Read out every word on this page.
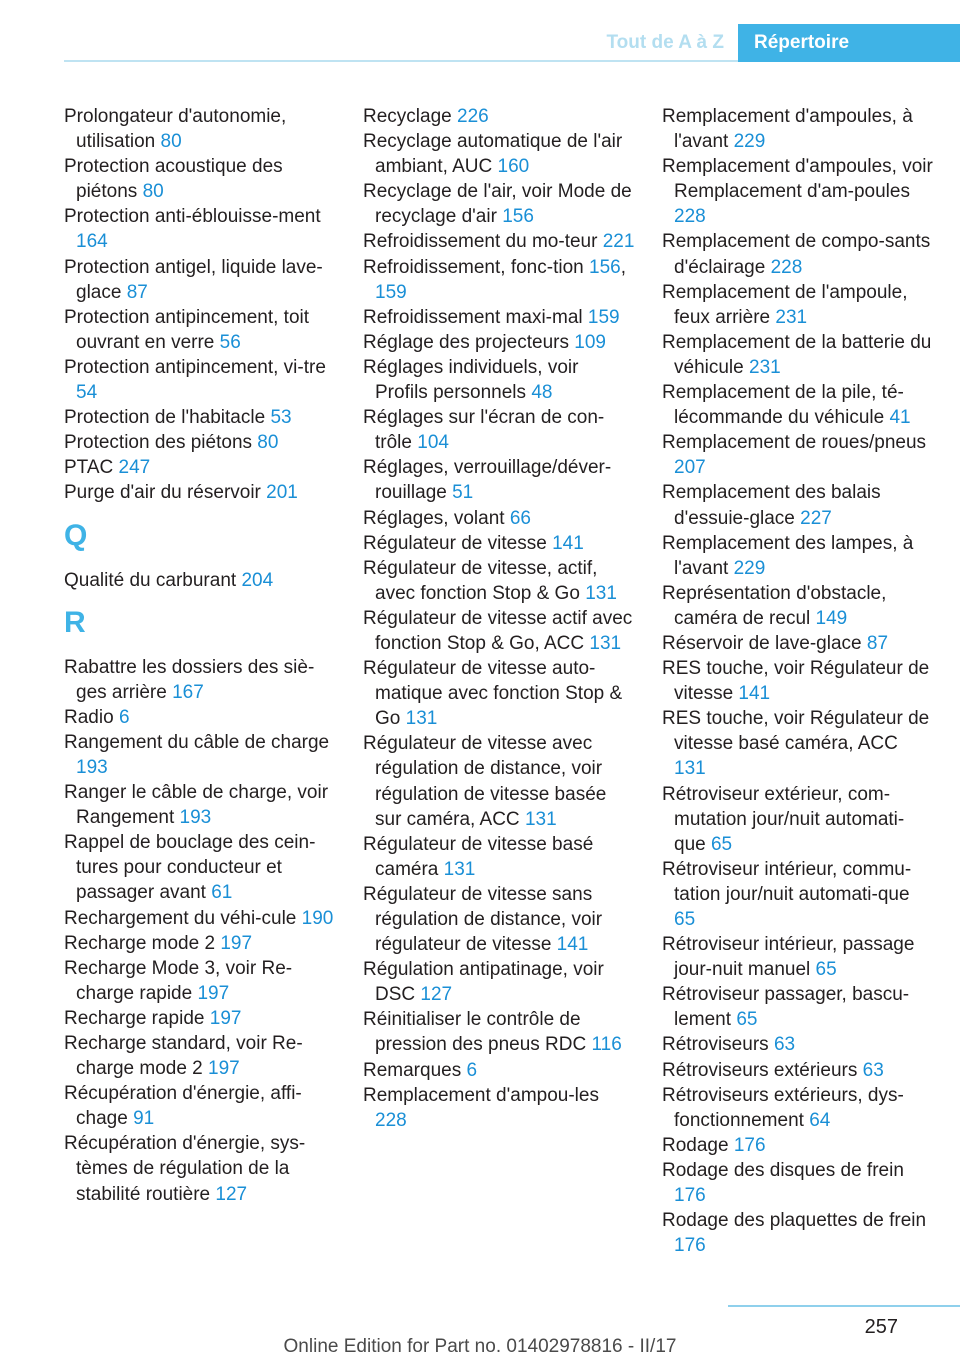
Tout de A à Z	Répertoire
Prolongateur d'autonomie, utilisation 80
Protection acoustique des piétons 80
Protection anti-éblouisse‐ment 164
Protection antigel, liquide lave-glace 87
Protection antipincement, toit ouvrant en verre 56
Protection antipincement, vi‐tre 54
Protection de l'habitacle 53
Protection des piétons 80
PTAC 247
Purge d'air du réservoir 201
Q
Qualité du carburant 204
R
Rabattre les dossiers des siè‐ges arrière 167
Radio 6
Rangement du câble de charge 193
Ranger le câble de charge, voir Rangement 193
Rappel de bouclage des cein‐tures pour conducteur et passager avant 61
Rechargement du véhi‐cule 190
Recharge mode 2 197
Recharge Mode 3, voir Re‐charge rapide 197
Recharge rapide 197
Recharge standard, voir Re‐charge mode 2 197
Récupération d'énergie, affi‐chage 91
Récupération d'énergie, sys‐tèmes de régulation de la stabilité routière 127
Recyclage 226
Recyclage automatique de l'air ambiant, AUC 160
Recyclage de l'air, voir Mode de recyclage d'air 156
Refroidissement du mo‐teur 221
Refroidissement, fonc‐tion 156, 159
Refroidissement maxi‐mal 159
Réglage des projecteurs 109
Réglages individuels, voir Profils personnels 48
Réglages sur l'écran de con‐trôle 104
Réglages, verrouillage/déver‐rouillage 51
Réglages, volant 66
Régulateur de vitesse 141
Régulateur de vitesse, actif, avec fonction Stop & Go 131
Régulateur de vitesse actif avec fonction Stop & Go, ACC 131
Régulateur de vitesse auto‐matique avec fonction Stop & Go 131
Régulateur de vitesse avec régulation de distance, voir régulation de vitesse basée sur caméra, ACC 131
Régulateur de vitesse basé caméra 131
Régulateur de vitesse sans régulation de distance, voir régulateur de vitesse 141
Régulation antipatinage, voir DSC 127
Réinitialiser le contrôle de pression des pneus RDC 116
Remarques 6
Remplacement d'ampou‐les 228
Remplacement d'ampoules, à l'avant 229
Remplacement d'ampoules, voir Remplacement d'am‐poules 228
Remplacement de compo‐sants d'éclairage 228
Remplacement de l'ampoule, feux arrière 231
Remplacement de la batterie du véhicule 231
Remplacement de la pile, té‐lécommande du véhicule 41
Remplacement de roues/pneus 207
Remplacement des balais d'essuie-glace 227
Remplacement des lampes, à l'avant 229
Représentation d'obstacle, caméra de recul 149
Réservoir de lave-glace 87
RES touche, voir Régulateur de vitesse 141
RES touche, voir Régulateur de vitesse basé caméra, ACC 131
Rétroviseur extérieur, com‐mutation jour/nuit automati‐que 65
Rétroviseur intérieur, commu‐tation jour/nuit automati‐que 65
Rétroviseur intérieur, passage jour-nuit manuel 65
Rétroviseur passager, bascu‐lement 65
Rétroviseurs 63
Rétroviseurs extérieurs 63
Rétroviseurs extérieurs, dys‐fonctionnement 64
Rodage 176
Rodage des disques de frein 176
Rodage des plaquettes de frein 176
257
Online Edition for Part no. 01402978816 - II/17
